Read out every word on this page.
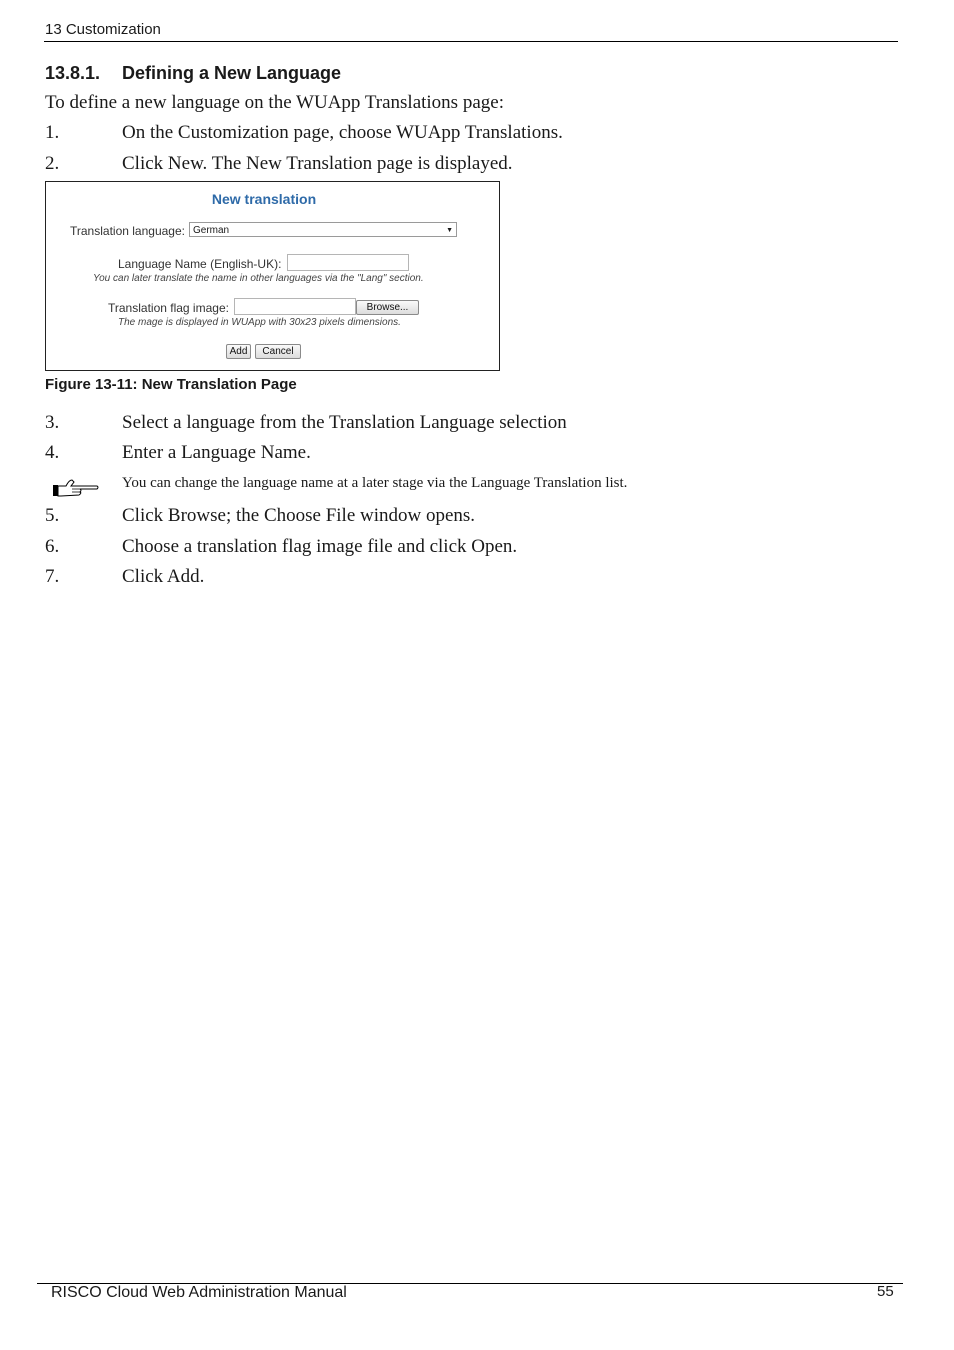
13 Customization
13.8.1. Defining a New Language
To define a new language on the WUApp Translations page:
1.	On the Customization page, choose WUApp Translations.
2.	Click New. The New Translation page is displayed.
New translation
Translation language: German	▼
Language Name (English-UK):
You can later translate the name in other languages via the "Lang" section.
Translation flag image:	Browse...
The mage is displayed in WUApp with 30x23 pixels dimensions.
Add	Cancel
Figure 13-11: New Translation Page
3.	Select a language from the Translation Language selection
4.	Enter a Language Name.
You can change the language name at a later stage via the Language Translation list.
5.	Click Browse; the Choose File window opens.
6.	Choose a translation flag image file and click Open.
7.	Click Add.
RISCO Cloud Web Administration Manual	55
